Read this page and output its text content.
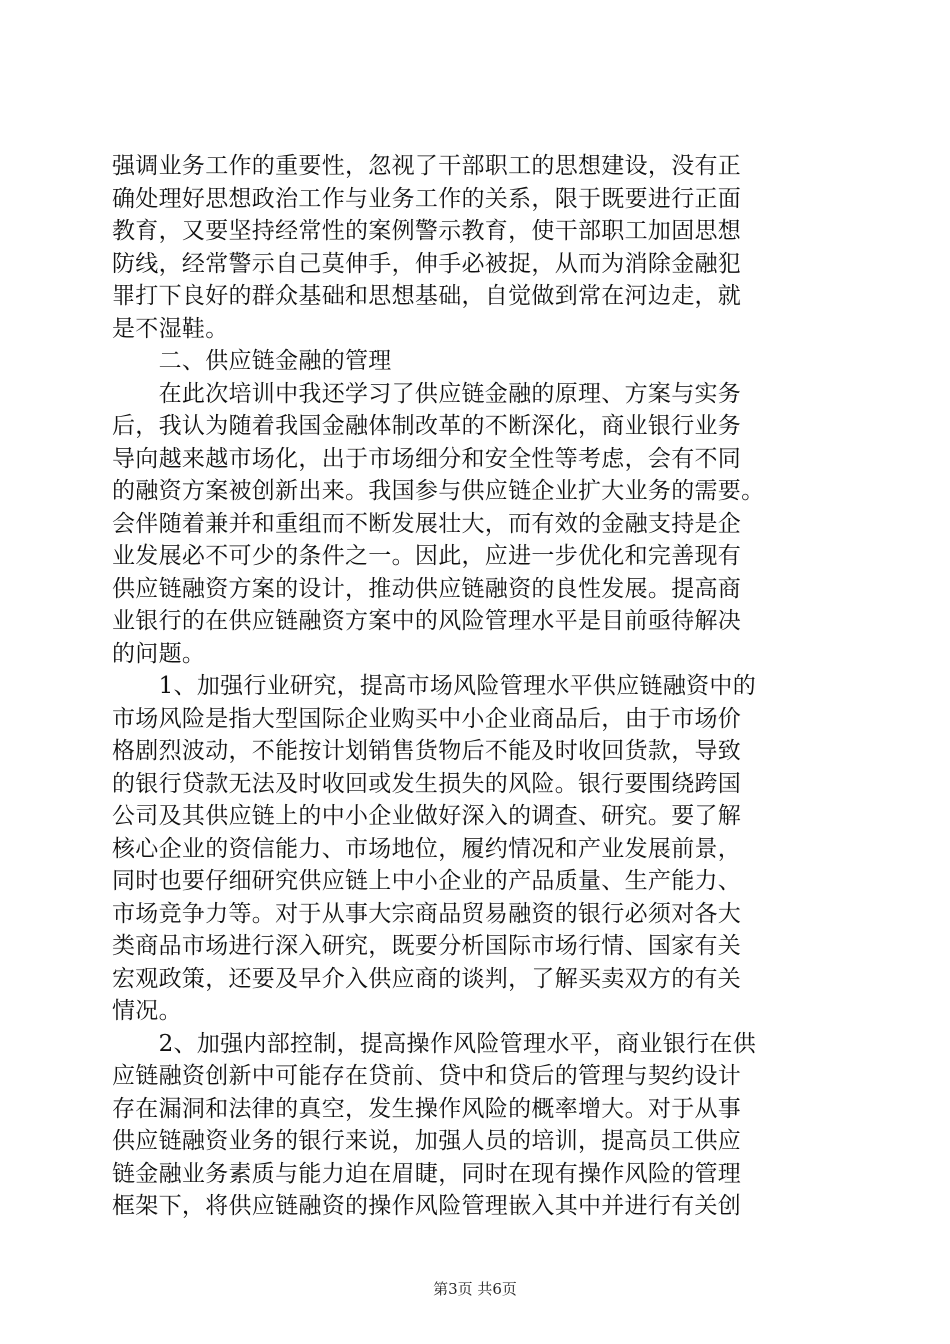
强调业务工作的重要性，忽视了干部职工的思想建设，没有正
确处理好思想政治工作与业务工作的关系，限于既要进行正面
教育，又要坚持经常性的案例警示教育，使干部职工加固思想
防线，经常警示自己莫伸手，伸手必被捉，从而为消除金融犯
罪打下良好的群众基础和思想基础，自觉做到常在河边走，就
是不湿鞋。
　　二、供应链金融的管理
　　在此次培训中我还学习了供应链金融的原理、方案与实务
后，我认为随着我国金融体制改革的不断深化，商业银行业务
导向越来越市场化，出于市场细分和安全性等考虑，会有不同
的融资方案被创新出来。我国参与供应链企业扩大业务的需要。
会伴随着兼并和重组而不断发展壮大，而有效的金融支持是企
业发展必不可少的条件之一。因此，应进一步优化和完善现有
供应链融资方案的设计，推动供应链融资的良性发展。提高商
业银行的在供应链融资方案中的风险管理水平是目前亟待解决
的问题。
　　1、加强行业研究，提高市场风险管理水平供应链融资中的
市场风险是指大型国际企业购买中小企业商品后，由于市场价
格剧烈波动，不能按计划销售货物后不能及时收回货款，导致
的银行贷款无法及时收回或发生损失的风险。银行要围绕跨国
公司及其供应链上的中小企业做好深入的调查、研究。要了解
核心企业的资信能力、市场地位，履约情况和产业发展前景，
同时也要仔细研究供应链上中小企业的产品质量、生产能力、
市场竞争力等。对于从事大宗商品贸易融资的银行必须对各大
类商品市场进行深入研究，既要分析国际市场行情、国家有关
宏观政策，还要及早介入供应商的谈判，了解买卖双方的有关
情况。
　　2、加强内部控制，提高操作风险管理水平，商业银行在供
应链融资创新中可能存在贷前、贷中和贷后的管理与契约设计
存在漏洞和法律的真空，发生操作风险的概率增大。对于从事
供应链融资业务的银行来说，加强人员的培训，提高员工供应
链金融业务素质与能力迫在眉睫，同时在现有操作风险的管理
框架下，将供应链融资的操作风险管理嵌入其中并进行有关创
第3页 共6页
